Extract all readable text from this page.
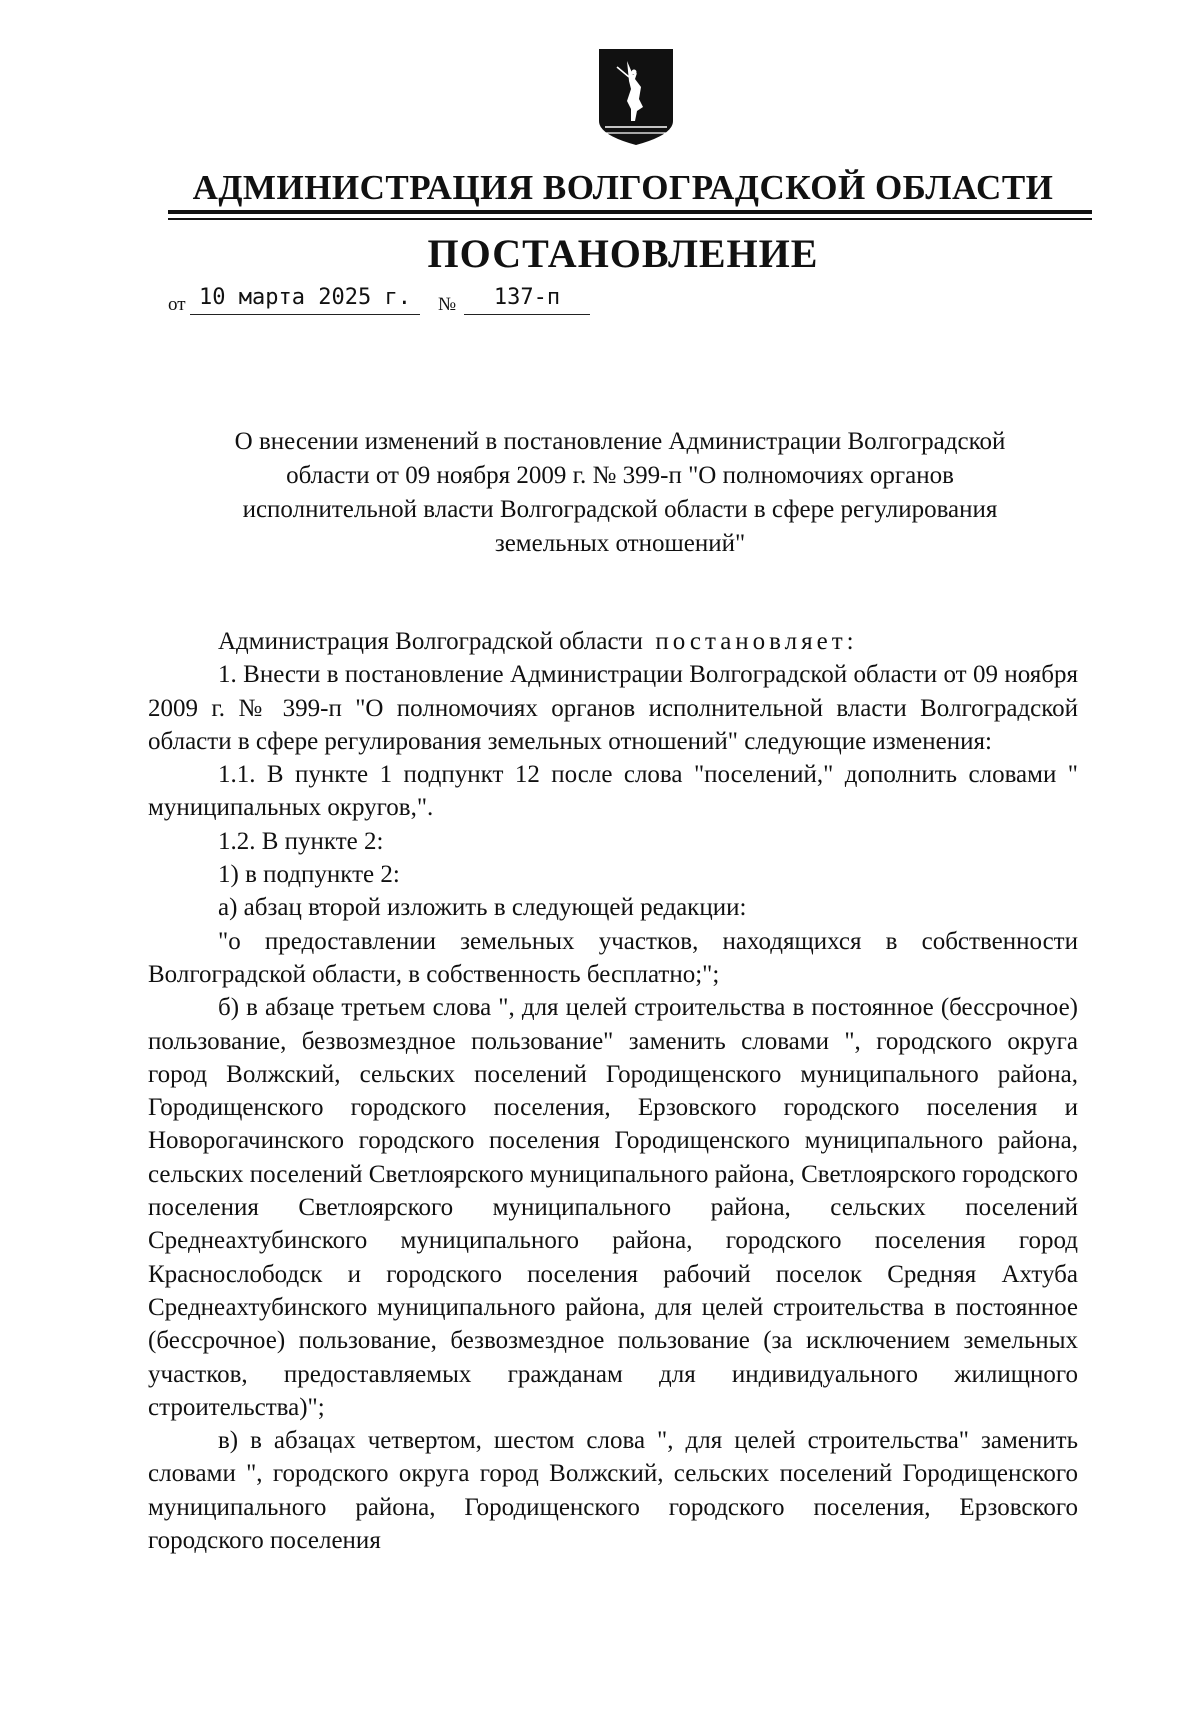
АДМИНИСТРАЦИЯ ВОЛГОГРАДСКОЙ ОБЛАСТИ
ПОСТАНОВЛЕНИЕ
от 10 марта 2025 г.	№	137-п
О внесении изменений в постановление Администрации Волгоградской
области от 09 ноября 2009 г. № 399-п "О полномочиях органов
исполнительной власти Волгоградской области в сфере регулирования
земельных отношений"

Администрация Волгоградской области постановляет:

1. Внести в постановление Администрации Волгоградской области от 09 ноября 2009 г. № 399-п "О полномочиях органов исполнительной власти Волгоградской области в сфере регулирования земельных отношений" следующие изменения:

1.1. В пункте 1 подпункт 12 после слова "поселений," дополнить словами " муниципальных округов,".

1.2. В пункте 2:

1) в подпункте 2:

а) абзац второй изложить в следующей редакции:

"о предоставлении земельных участков, находящихся в собственности Волгоградской области, в собственность бесплатно;";

б) в абзаце третьем слова ", для целей строительства в постоянное (бессрочное) пользование, безвозмездное пользование" заменить словами ", городского округа город Волжский, сельских поселений Городищенского муниципального района, Городищенского городского поселения, Ерзовского городского поселения и Новорогачинского городского поселения Городищенского муниципального района, сельских поселений Светлоярского муниципального района, Светлоярского городского поселения Светлоярского муниципального района, сельских поселений Среднеахтубинского муниципального района, городского поселения город Краснослободск и городского поселения рабочий поселок Средняя Ахтуба Среднеахтубинского муниципального района, для целей строительства в постоянное (бессрочное) пользование, безвозмездное пользование (за исключением земельных участков, предоставляемых гражданам для индивидуального жилищного строительства)";

в) в абзацах четвертом, шестом слова ", для целей строительства" заменить словами ", городского округа город Волжский, сельских поселений Городищенского муниципального района, Городищенского городского поселения, Ерзовского городского поселения
